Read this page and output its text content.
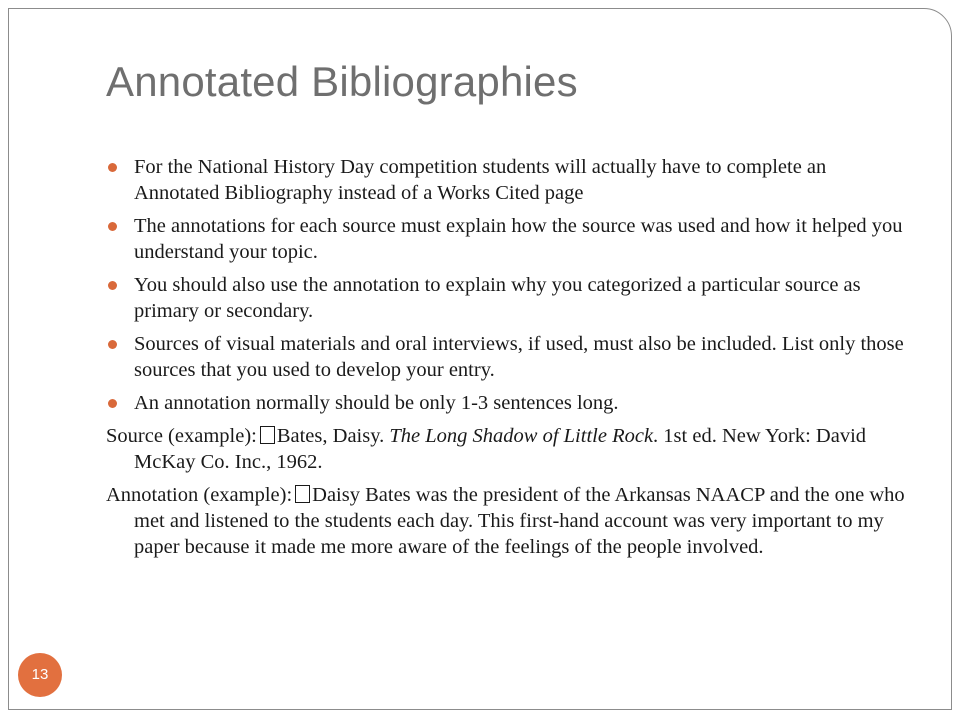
Annotated Bibliographies
For the National History Day competition students will actually have to complete an Annotated Bibliography instead of a Works Cited page
The annotations for each source must explain how the source was used and how it helped you understand your topic.
You should also use the annotation to explain why you categorized a particular source as primary or secondary.
Sources of visual materials and oral interviews, if used, must also be included. List only those sources that you used to develop your entry.
An annotation normally should be only 1-3 sentences long.
Source (example): Bates, Daisy. The Long Shadow of Little Rock. 1st ed. New York: David McKay Co. Inc., 1962.
Annotation (example): Daisy Bates was the president of the Arkansas NAACP and the one who met and listened to the students each day. This first-hand account was very important to my paper because it made me more aware of the feelings of the people involved.
13
